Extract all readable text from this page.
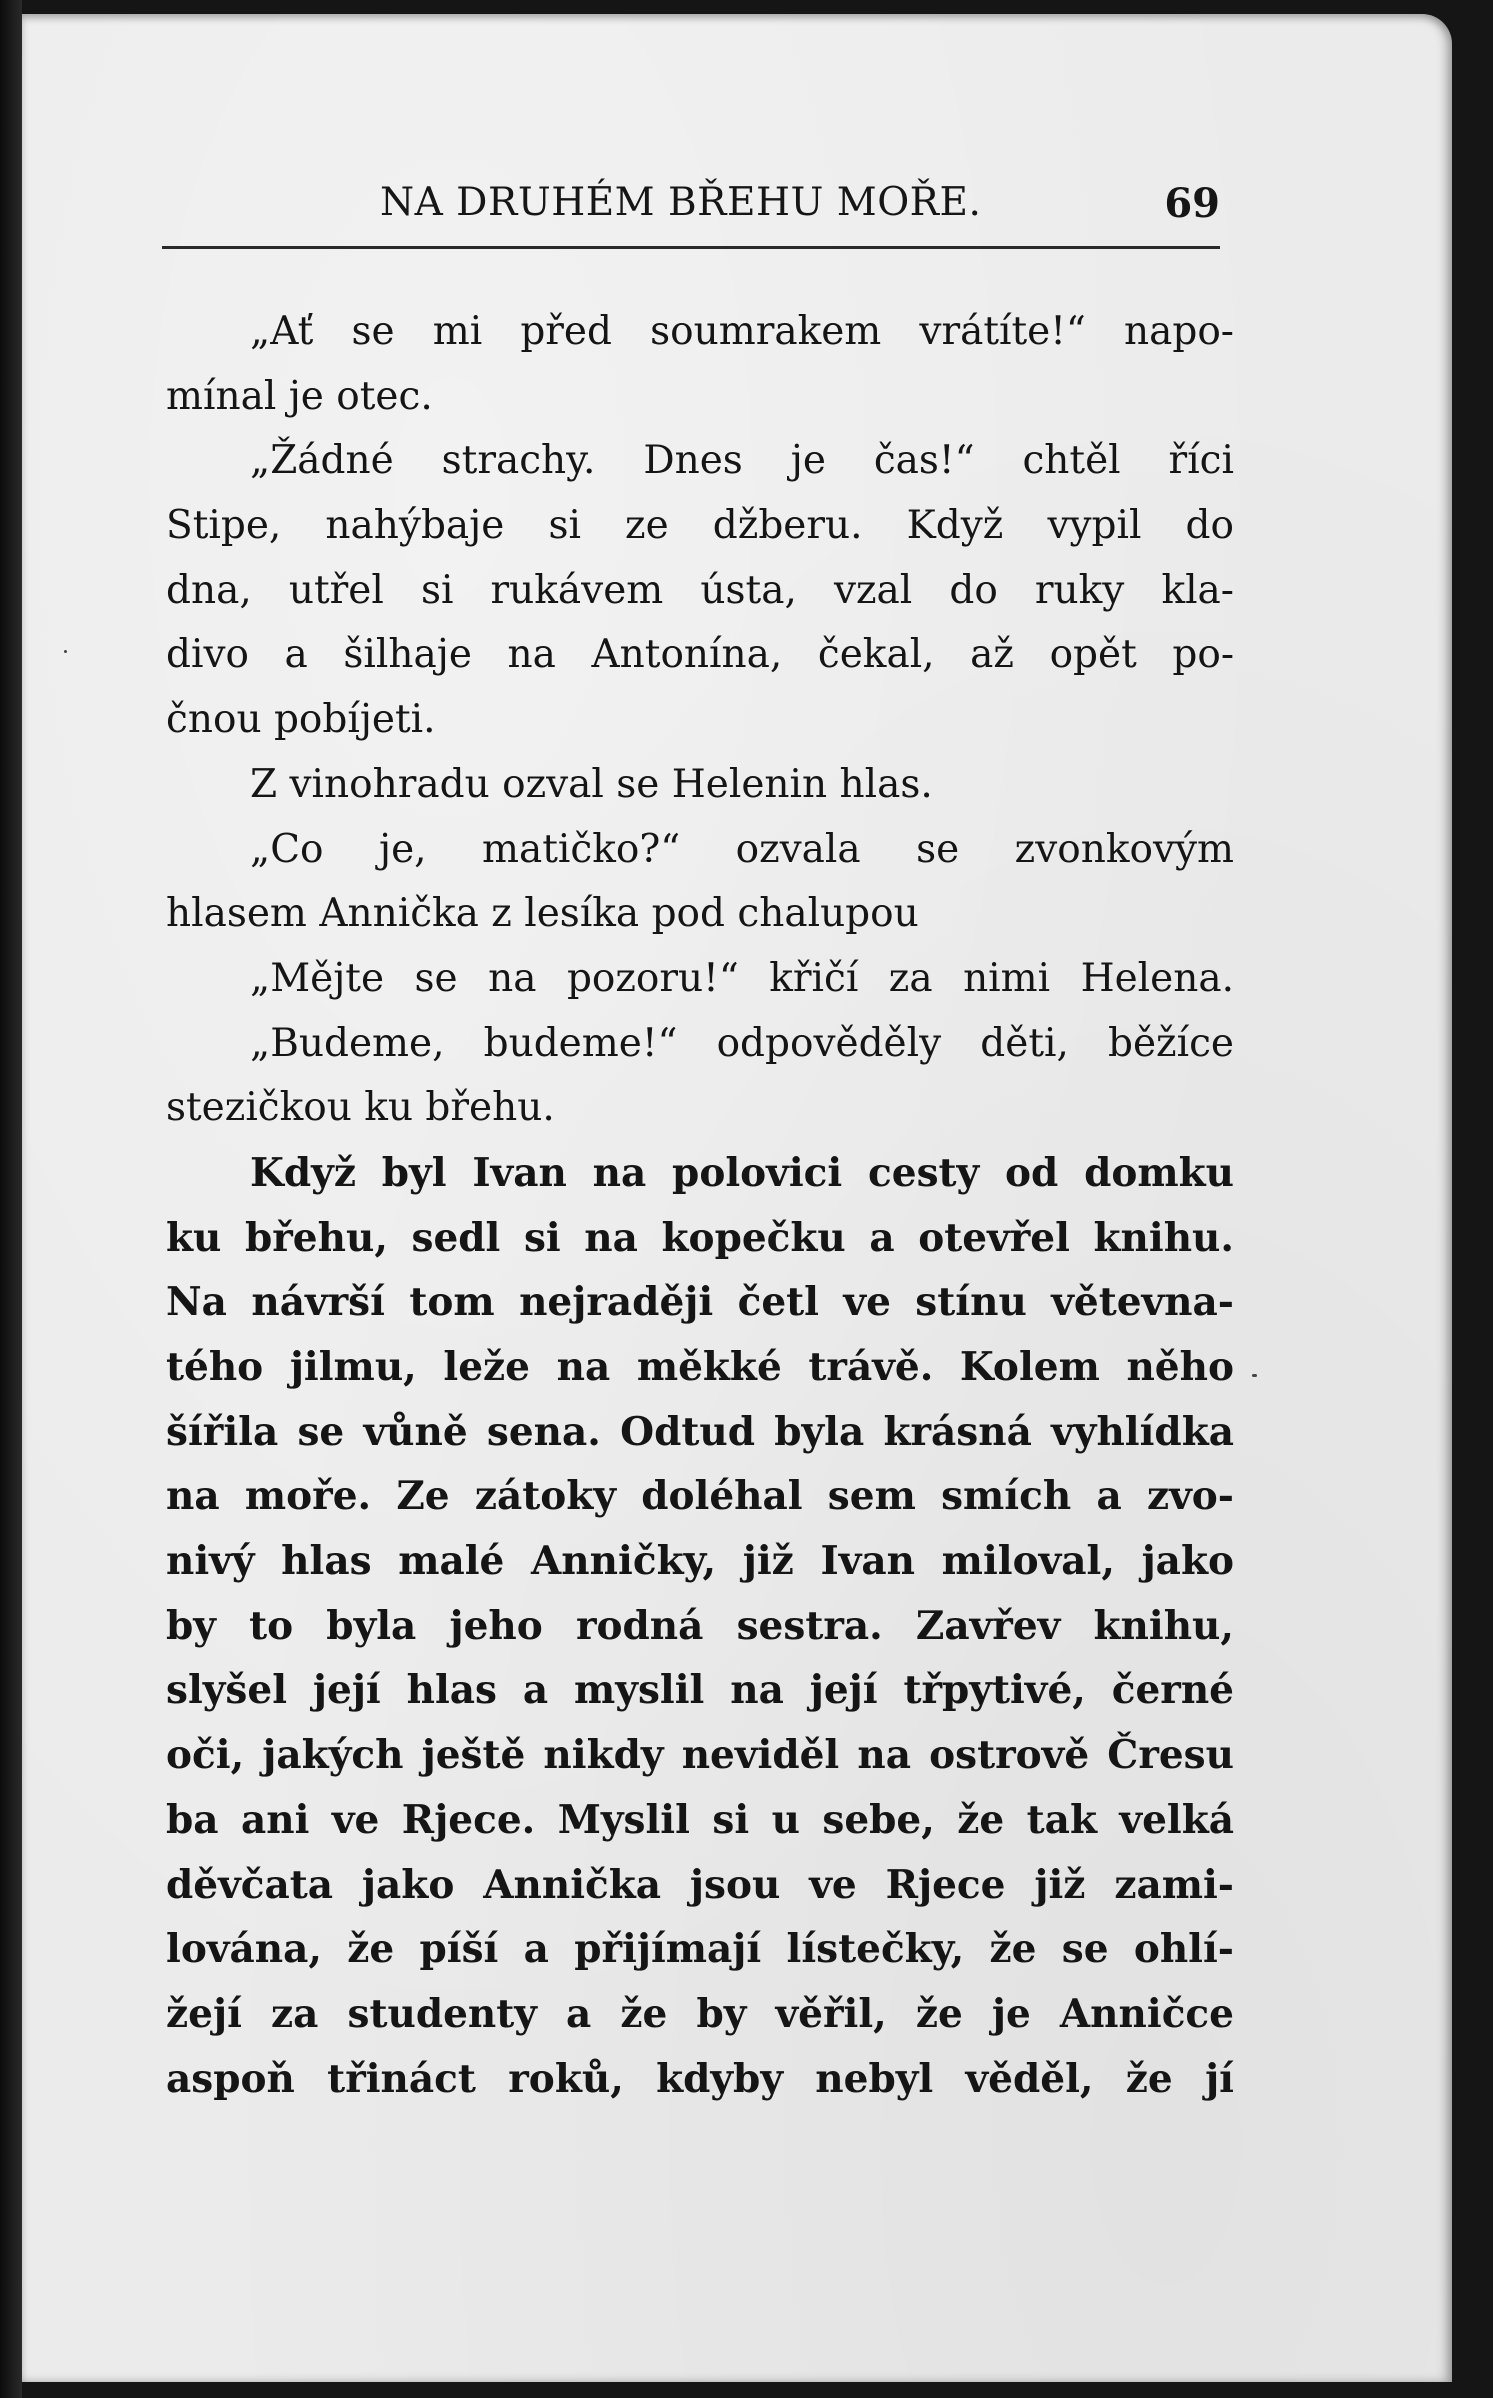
NA DRUHÉM BŘEHU MOŘE.	69
„Ať se mi před soumrakem vrátíte!“ napo-
mínal je otec.
„Žádné strachy. Dnes je čas!“ chtěl říci
Stipe, nahýbaje si ze džberu. Když vypil do
dna, utřel si rukávem ústa, vzal do ruky kla-
divo a šilhaje na Antonína, čekal, až opět po-
čnou pobíjeti.
Z vinohradu ozval se Helenin hlas.
„Co je, matičko?“ ozvala se zvonkovým
hlasem Annička z lesíka pod chalupou
„Mějte se na pozoru!“ křičí za nimi Helena.
„Budeme, budeme!“ odpověděly děti, běžíce
stezičkou ku břehu.
Když byl Ivan na polovici cesty od domku
ku břehu, sedl si na kopečku a otevřel knihu.
Na návrší tom nejraději četl ve stínu větevna-
tého jilmu, leže na měkké trávě. Kolem něho
šířila se vůně sena. Odtud byla krásná vyhlídka
na moře. Ze zátoky doléhal sem smích a zvo-
nivý hlas malé Anničky, již Ivan miloval, jako
by to byla jeho rodná sestra. Zavřev knihu,
slyšel její hlas a myslil na její třpytivé, černé
oči, jakých ještě nikdy neviděl na ostrově Čresu
ba ani ve Rjece. Myslil si u sebe, že tak velká
děvčata jako Annička jsou ve Rjece již zami-
lována, že píší a přijímají lístečky, že se ohlí-
žejí za studenty a že by věřil, že je Anničce
aspoň třináct roků, kdyby nebyl věděl, že jí
